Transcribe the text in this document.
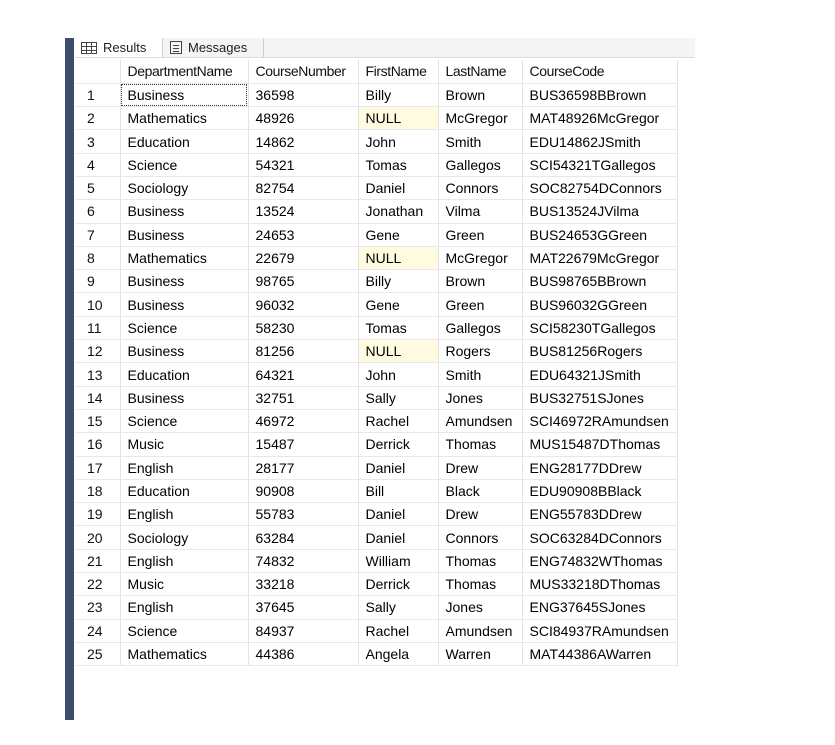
Results	Messages
	DepartmentName	CourseNumber	FirstName	LastName	CourseCode
1	Business	36598	Billy	Brown	BUS36598BBrown
2	Mathematics	48926	NULL	McGregor	MAT48926McGregor
3	Education	14862	John	Smith	EDU14862JSmith
4	Science	54321	Tomas	Gallegos	SCI54321TGallegos
5	Sociology	82754	Daniel	Connors	SOC82754DConnors
6	Business	13524	Jonathan	Vilma	BUS13524JVilma
7	Business	24653	Gene	Green	BUS24653GGreen
8	Mathematics	22679	NULL	McGregor	MAT22679McGregor
9	Business	98765	Billy	Brown	BUS98765BBrown
10	Business	96032	Gene	Green	BUS96032GGreen
11	Science	58230	Tomas	Gallegos	SCI58230TGallegos
12	Business	81256	NULL	Rogers	BUS81256Rogers
13	Education	64321	John	Smith	EDU64321JSmith
14	Business	32751	Sally	Jones	BUS32751SJones
15	Science	46972	Rachel	Amundsen	SCI46972RAmundsen
16	Music	15487	Derrick	Thomas	MUS15487DThomas
17	English	28177	Daniel	Drew	ENG28177DDrew
18	Education	90908	Bill	Black	EDU90908BBlack
19	English	55783	Daniel	Drew	ENG55783DDrew
20	Sociology	63284	Daniel	Connors	SOC63284DConnors
21	English	74832	William	Thomas	ENG74832WThomas
22	Music	33218	Derrick	Thomas	MUS33218DThomas
23	English	37645	Sally	Jones	ENG37645SJones
24	Science	84937	Rachel	Amundsen	SCI84937RAmundsen
25	Mathematics	44386	Angela	Warren	MAT44386AWarren
